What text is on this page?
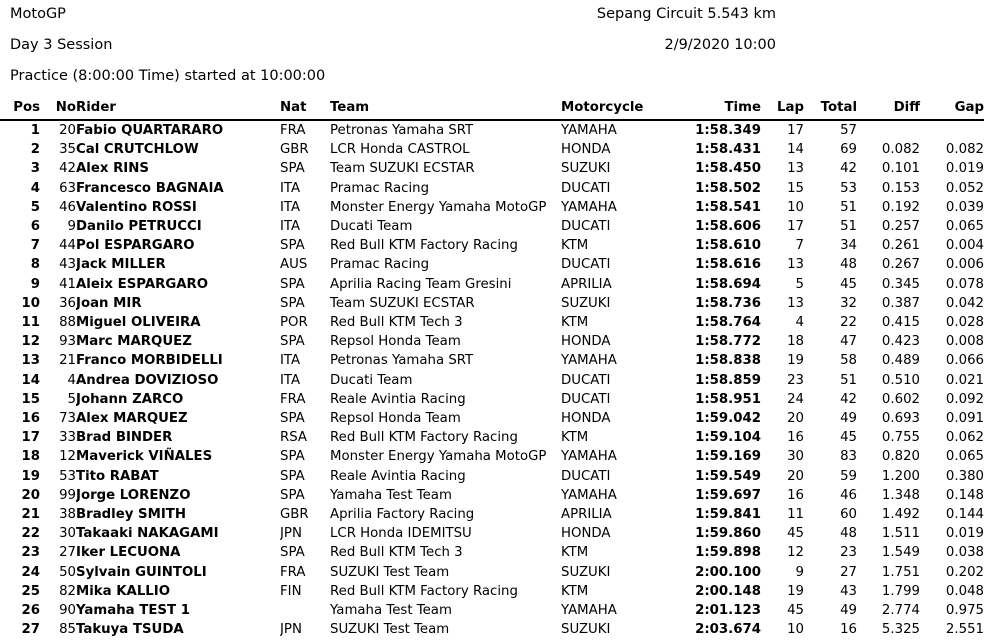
MotoGP	Sepang Circuit 5.543 km
Day 3 Session	2/9/2020 10:00
Practice (8:00:00 Time) started at 10:00:00
Pos	No	Rider	Nat	Team	Motorcycle	Time	Lap	Total	Diff	Gap
1	20	Fabio QUARTARARO	FRA	Petronas Yamaha SRT	YAMAHA	1:58.349	17	57		
2	35	Cal CRUTCHLOW	GBR	LCR Honda CASTROL	HONDA	1:58.431	14	69	0.082	0.082
3	42	Alex RINS	SPA	Team SUZUKI ECSTAR	SUZUKI	1:58.450	13	42	0.101	0.019
4	63	Francesco BAGNAIA	ITA	Pramac Racing	DUCATI	1:58.502	15	53	0.153	0.052
5	46	Valentino ROSSI	ITA	Monster Energy Yamaha MotoGP	YAMAHA	1:58.541	10	51	0.192	0.039
6	9	Danilo PETRUCCI	ITA	Ducati Team	DUCATI	1:58.606	17	51	0.257	0.065
7	44	Pol ESPARGARO	SPA	Red Bull KTM Factory Racing	KTM	1:58.610	7	34	0.261	0.004
8	43	Jack MILLER	AUS	Pramac Racing	DUCATI	1:58.616	13	48	0.267	0.006
9	41	Aleix ESPARGARO	SPA	Aprilia Racing Team Gresini	APRILIA	1:58.694	5	45	0.345	0.078
10	36	Joan MIR	SPA	Team SUZUKI ECSTAR	SUZUKI	1:58.736	13	32	0.387	0.042
11	88	Miguel OLIVEIRA	POR	Red Bull KTM Tech 3	KTM	1:58.764	4	22	0.415	0.028
12	93	Marc MARQUEZ	SPA	Repsol Honda Team	HONDA	1:58.772	18	47	0.423	0.008
13	21	Franco MORBIDELLI	ITA	Petronas Yamaha SRT	YAMAHA	1:58.838	19	58	0.489	0.066
14	4	Andrea DOVIZIOSO	ITA	Ducati Team	DUCATI	1:58.859	23	51	0.510	0.021
15	5	Johann ZARCO	FRA	Reale Avintia Racing	DUCATI	1:58.951	24	42	0.602	0.092
16	73	Alex MARQUEZ	SPA	Repsol Honda Team	HONDA	1:59.042	20	49	0.693	0.091
17	33	Brad BINDER	RSA	Red Bull KTM Factory Racing	KTM	1:59.104	16	45	0.755	0.062
18	12	Maverick VIÑALES	SPA	Monster Energy Yamaha MotoGP	YAMAHA	1:59.169	30	83	0.820	0.065
19	53	Tito RABAT	SPA	Reale Avintia Racing	DUCATI	1:59.549	20	59	1.200	0.380
20	99	Jorge LORENZO	SPA	Yamaha Test Team	YAMAHA	1:59.697	16	46	1.348	0.148
21	38	Bradley SMITH	GBR	Aprilia Factory Racing	APRILIA	1:59.841	11	60	1.492	0.144
22	30	Takaaki NAKAGAMI	JPN	LCR Honda IDEMITSU	HONDA	1:59.860	45	48	1.511	0.019
23	27	Iker LECUONA	SPA	Red Bull KTM Tech 3	KTM	1:59.898	12	23	1.549	0.038
24	50	Sylvain GUINTOLI	FRA	SUZUKI Test Team	SUZUKI	2:00.100	9	27	1.751	0.202
25	82	Mika KALLIO	FIN	Red Bull KTM Factory Racing	KTM	2:00.148	19	43	1.799	0.048
26	90	Yamaha TEST 1		Yamaha Test Team	YAMAHA	2:01.123	45	49	2.774	0.975
27	85	Takuya TSUDA	JPN	SUZUKI Test Team	SUZUKI	2:03.674	10	16	5.325	2.551
